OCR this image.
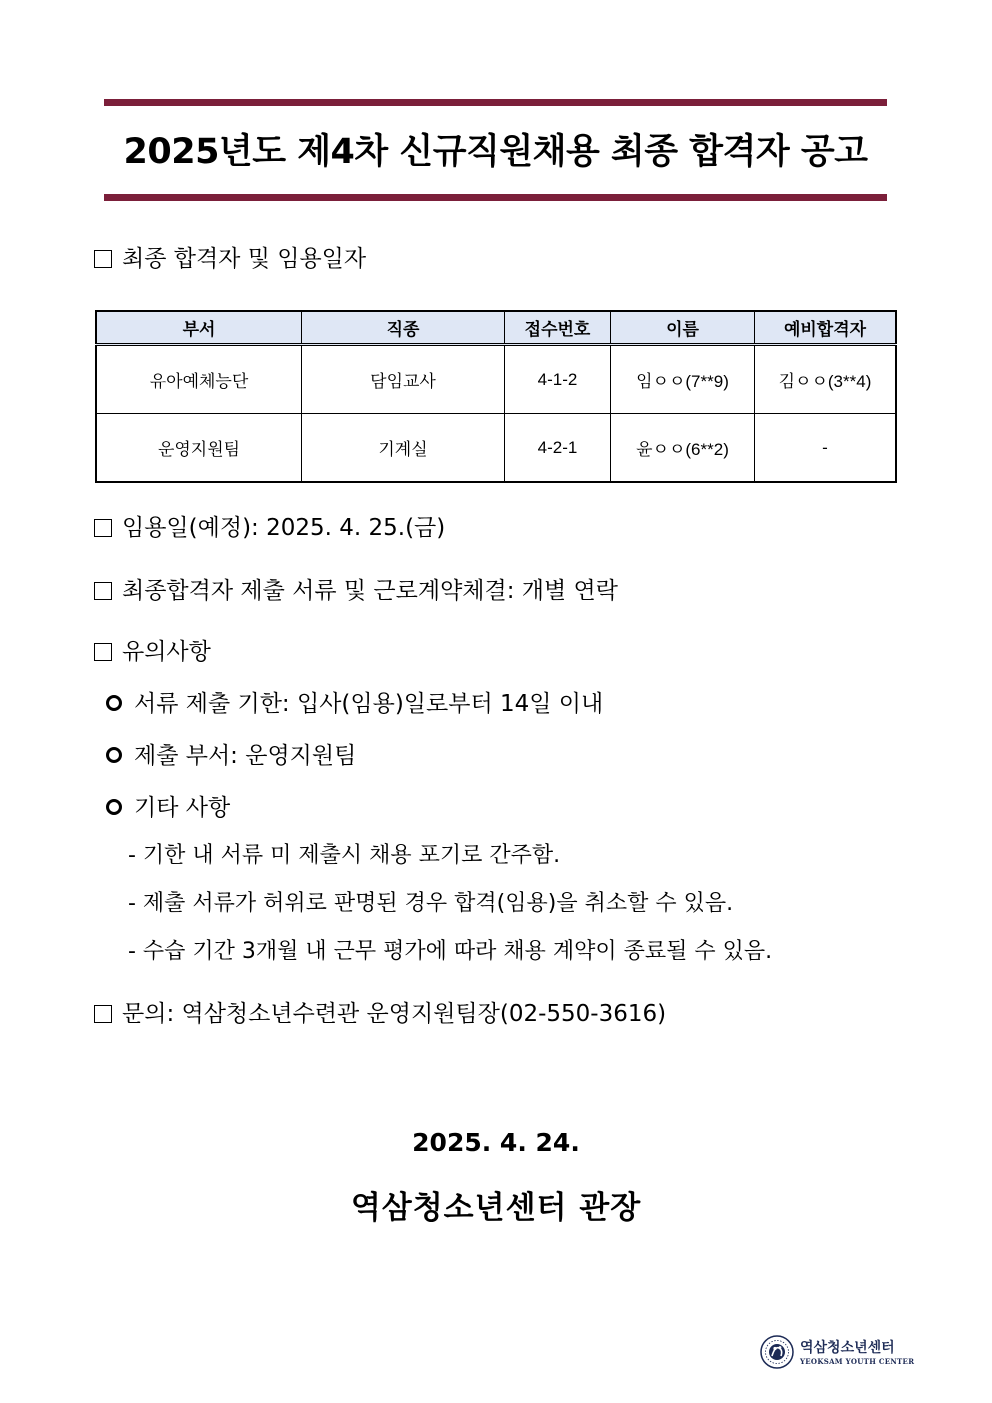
2025년도 제4차 신규직원채용 최종 합격자 공고
최종 합격자 및 임용일자
부서	직종	접수번호	이름	예비합격자
유아예체능단	담임교사	4-1-2	임ㅇㅇ(7**9)	김ㅇㅇ(3**4)
운영지원팀	기계실	4-2-1	윤ㅇㅇ(6**2)	-
임용일(예정): 2025. 4. 25.(금)
최종합격자 제출 서류 및 근로계약체결: 개별 연락
유의사항
서류 제출 기한: 입사(임용)일로부터 14일 이내
제출 부서: 운영지원팀
기타 사항
- 기한 내 서류 미 제출시 채용 포기로 간주함.
- 제출 서류가 허위로 판명된 경우 합격(임용)을 취소할 수 있음.
- 수습 기간 3개월 내 근무 평가에 따라 채용 계약이 종료될 수 있음.
문의: 역삼청소년수련관 운영지원팀장(02-550-3616)
2025. 4. 24.
역삼청소년센터 관장
역삼청소년센터
YEOKSAM YOUTH CENTER
